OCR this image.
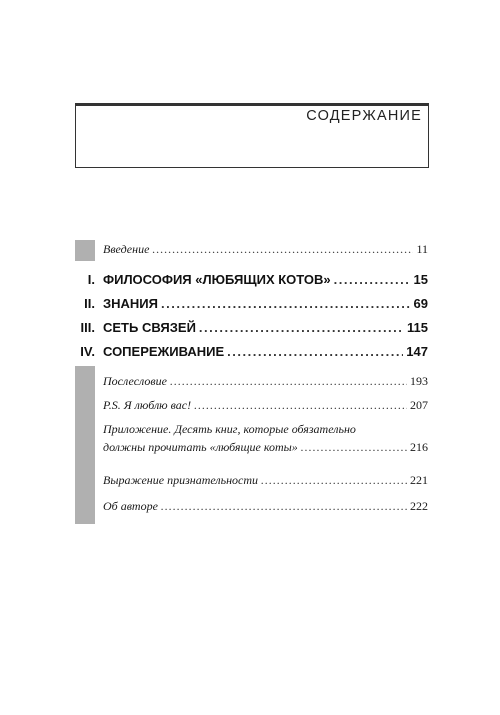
СОДЕРЖАНИЕ
Введение .....	11
I. ФИЛОСОФИЯ «ЛЮБЯЩИХ КОТОВ» .....	15
II. ЗНАНИЯ .....	69
III. СЕТЬ СВЯЗЕЙ .....	115
IV. СОПЕРЕЖИВАНИЕ .....	147
Послесловие .....	193
P.S. Я люблю вас! .....	207
Приложение. Десять книг, которые обязательно
должны прочитать «любящие коты» .....	216
Выражение признательности .....	221
Об авторе .....	222
